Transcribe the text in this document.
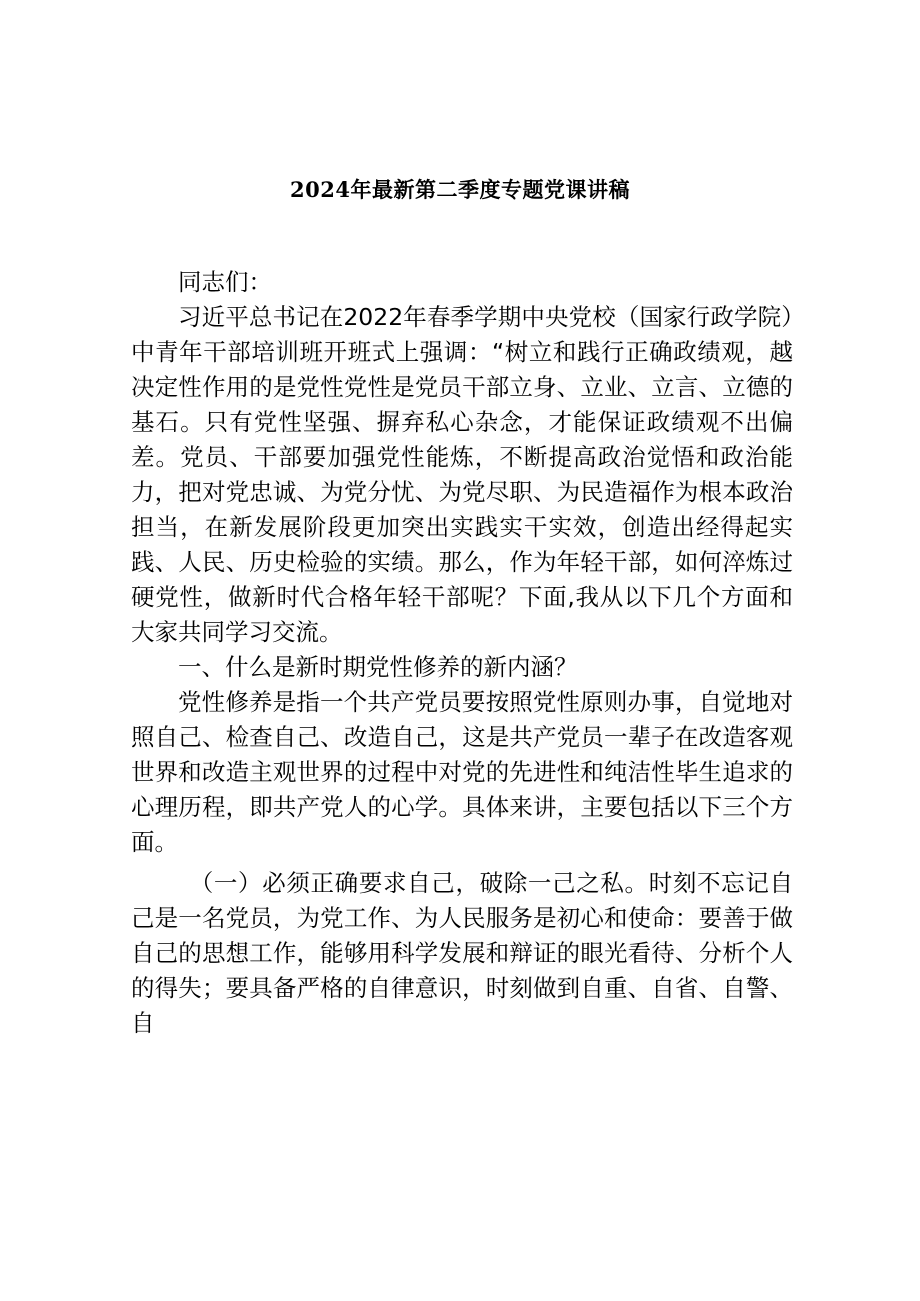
2024年最新第二季度专题党课讲稿

同志们：

习近平总书记在2022年春季学期中央党校（国家行政学院）中青年干部培训班开班式上强调：“树立和践行正确政绩观，越决定性作用的是党性党性是党员干部立身、立业、立言、立德的基石。只有党性坚强、摒弃私心杂念，才能保证政绩观不出偏差。党员、干部要加强党性能炼，不断提高政治觉悟和政治能力，把对党忠诚、为党分忧、为党尽职、为民造福作为根本政治担当，在新发展阶段更加突出实践实干实效，创造出经得起实践、人民、历史检验的实绩。那么，作为年轻干部，如何淬炼过硬党性，做新时代合格年轻干部呢？下面,我从以下几个方面和大家共同学习交流。

一、什么是新时期党性修养的新内涵？

党性修养是指一个共产党员要按照党性原则办事，自觉地对照自己、检查自己、改造自己，这是共产党员一辈子在改造客观世界和改造主观世界的过程中对党的先进性和纯洁性毕生追求的心理历程，即共产党人的心学。具体来讲，主要包括以下三个方面。

（一）必须正确要求自己，破除一己之私。时刻不忘记自己是一名党员，为党工作、为人民服务是初心和使命：要善于做自己的思想工作，能够用科学发展和辩证的眼光看待、分析个人的得失；要具备严格的自律意识，时刻做到自重、自省、自警、自
